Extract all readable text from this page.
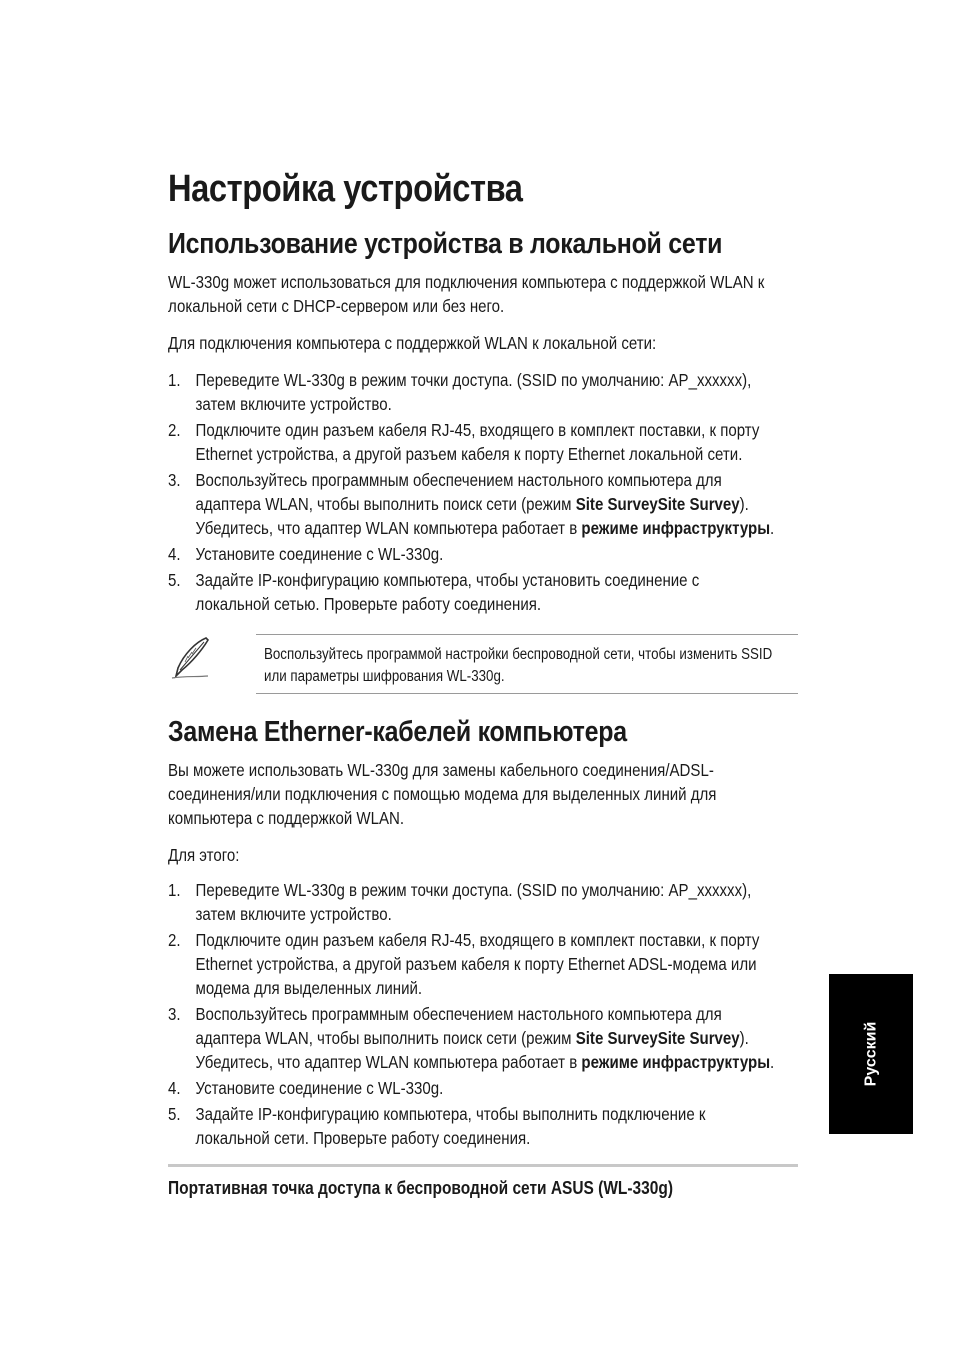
Настройка устройства
Использование устройства в локальной сети
WL-330g может использоваться для подключения компьютера с поддержкой WLAN к
локальной сети с DHCP-сервером или без него.
Для подключения компьютера с поддержкой WLAN к локальной сети:
1. Переведите WL-330g в режим точки доступа. (SSID по умолчанию: AP_xxxxxx),
затем включите устройство.
2. Подключите один разъем кабеля RJ-45, входящего в комплект поставки, к порту
Ethernet устройства, а другой разъем кабеля к порту Ethernet локальной сети.
3. Воспользуйтесь программным обеспечением настольного компьютера для
адаптера WLAN, чтобы выполнить поиск сети (режим Site SurveySite Survey).
Убедитесь, что адаптер WLAN компьютера работает в режиме инфраструктуры.
4. Установите соединение с WL-330g.
5. Задайте IP-конфигурацию компьютера, чтобы установить соединение с
локальной сетью. Проверьте работу соединения.
Воспользуйтесь программой настройки беспроводной сети, чтобы изменить SSID
или параметры шифрования WL-330g.
Замена Etherner-кабелей компьютера
Вы можете использовать WL-330g для замены кабельного соединения/ADSL-
соединения/или подключения с помощью модема для выделенных линий для
компьютера с поддержкой WLAN.
Для этого:
1. Переведите WL-330g в режим точки доступа. (SSID по умолчанию: AP_xxxxxx),
затем включите устройство.
2. Подключите один разъем кабеля RJ-45, входящего в комплект поставки, к порту
Ethernet устройства, а другой разъем кабеля к порту Ethernet ADSL-модема или
модема для выделенных линий.
3. Воспользуйтесь программным обеспечением настольного компьютера для
адаптера WLAN, чтобы выполнить поиск сети (режим Site SurveySite Survey).
Убедитесь, что адаптер WLAN компьютера работает в режиме инфраструктуры.
4. Установите соединение с WL-330g.
5. Задайте IP-конфигурацию компьютера, чтобы выполнить подключение к
локальной сети. Проверьте работу соединения.
Портативная точка доступа к беспроводной сети ASUS (WL-330g)
Русский
